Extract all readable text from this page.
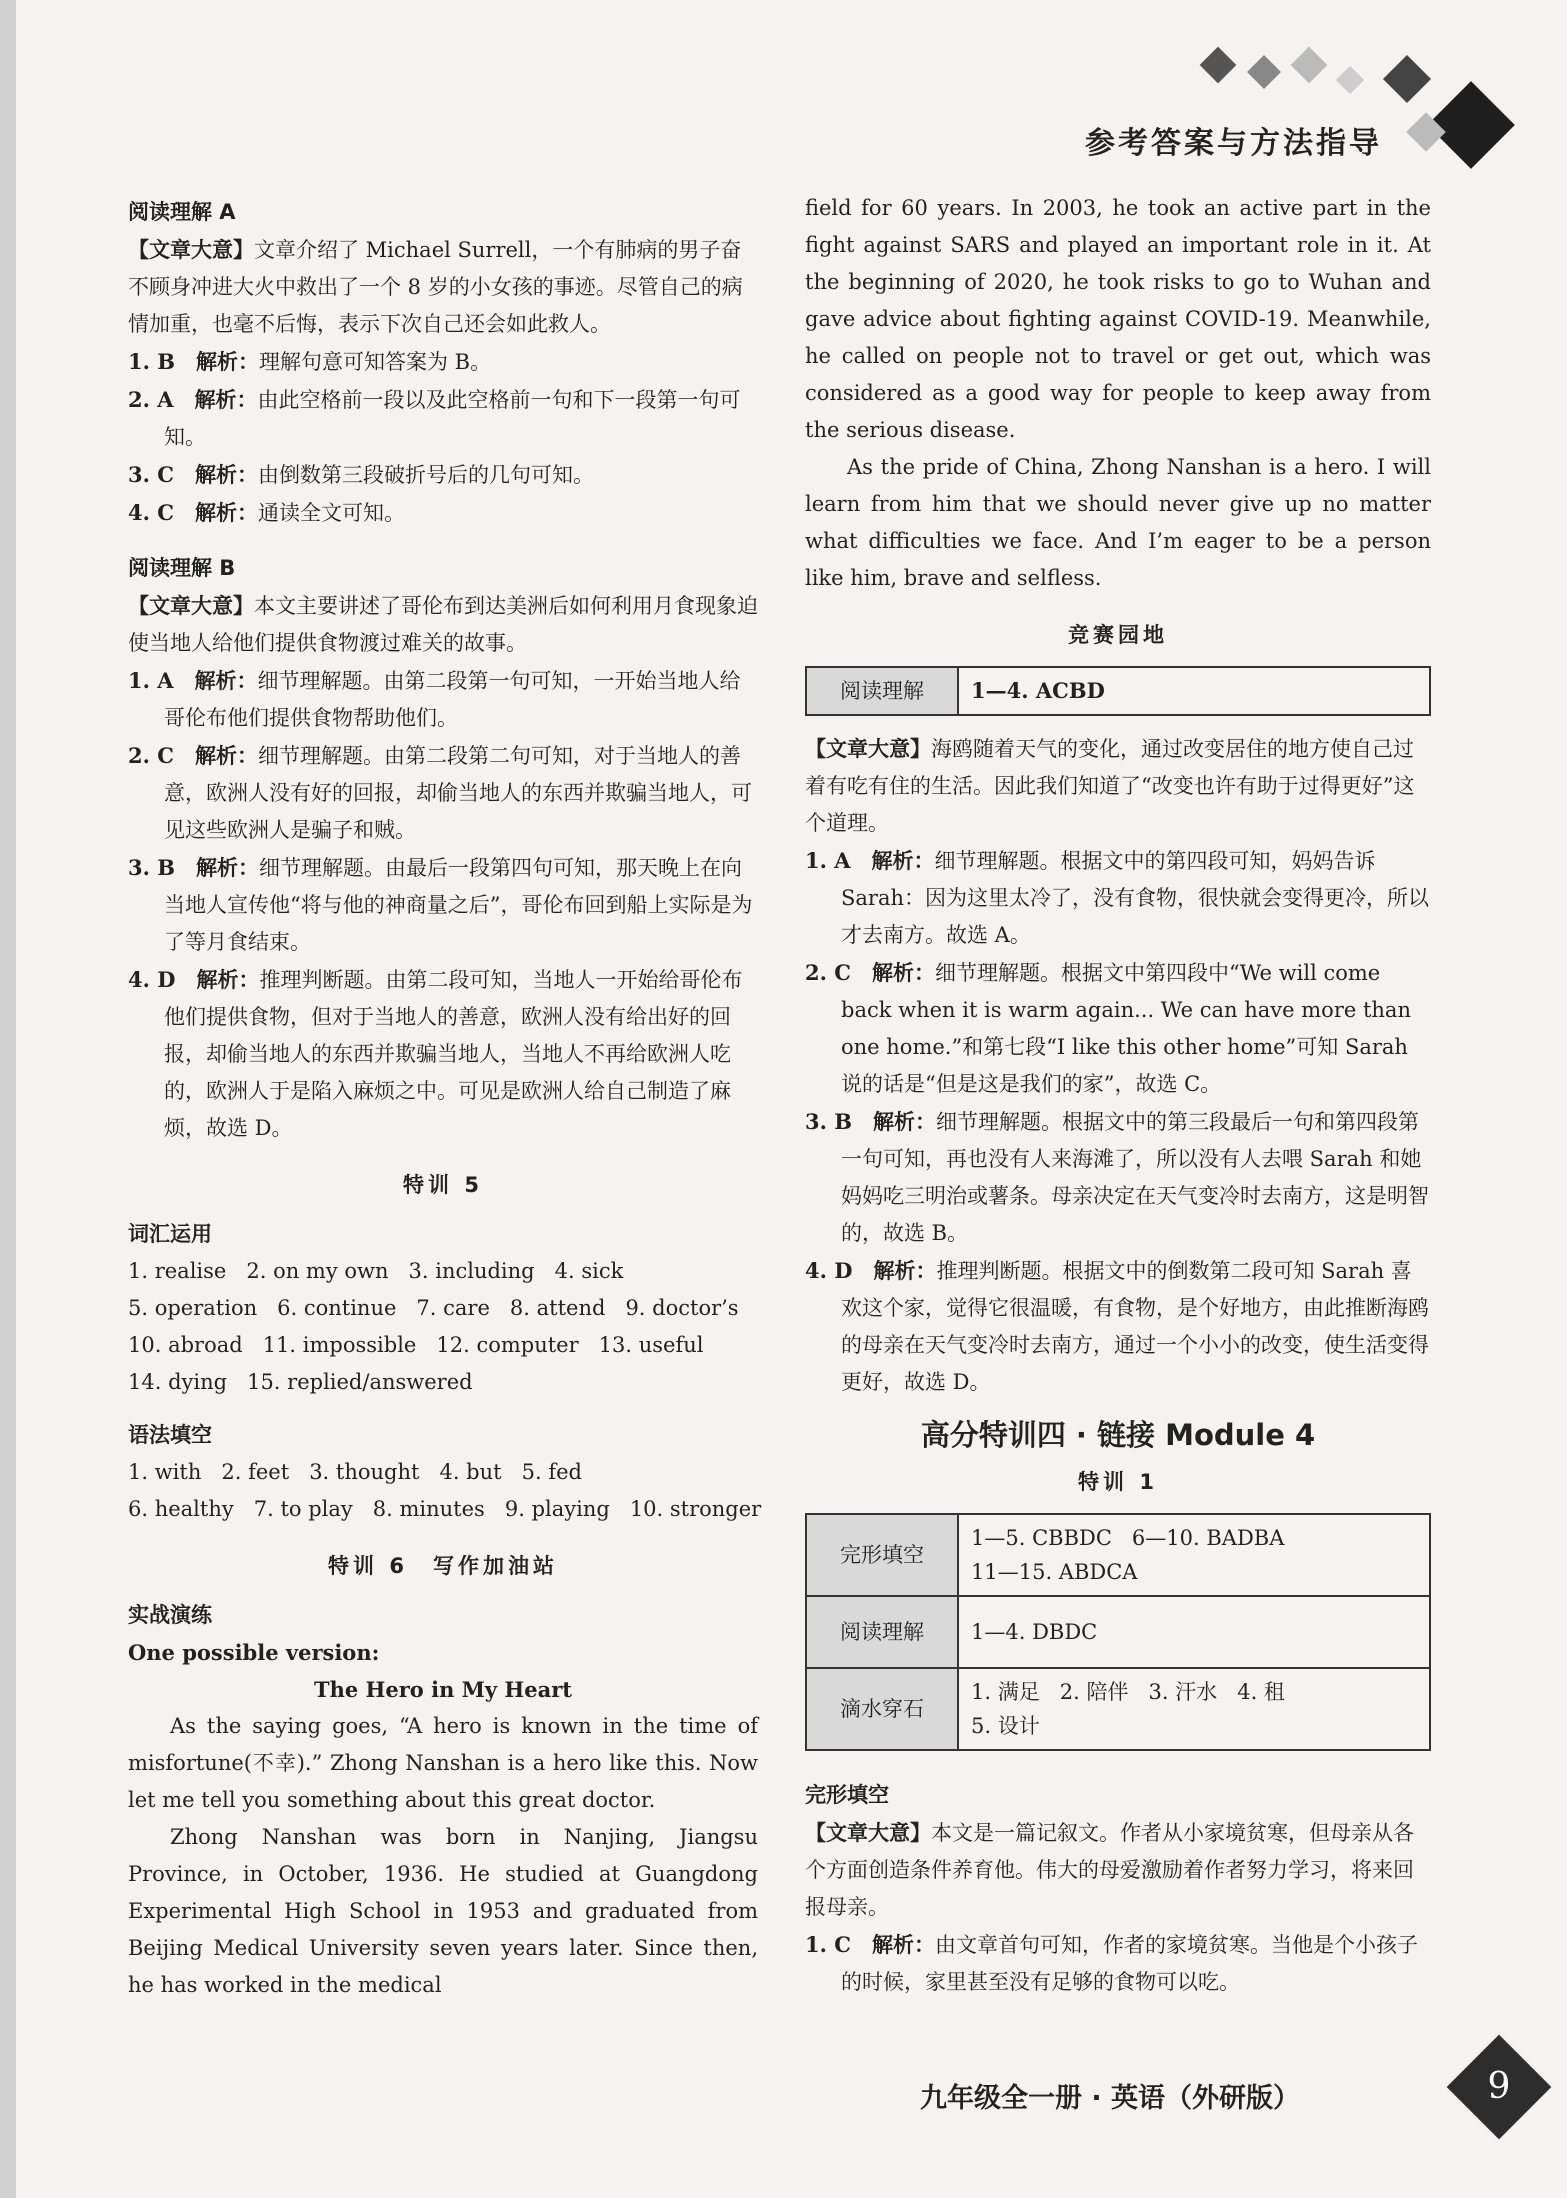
参考答案与方法指导
阅读理解 A

【文章大意】文章介绍了 Michael Surrell，一个有肺病的男子奋不顾身冲进大火中救出了一个 8 岁的小女孩的事迹。尽管自己的病情加重，也毫不后悔，表示下次自己还会如此救人。

1. B  解析：理解句意可知答案为 B。

2. A  解析：由此空格前一段以及此空格前一句和下一段第一句可知。

3. C  解析：由倒数第三段破折号后的几句可知。

4. C  解析：通读全文可知。

阅读理解 B

【文章大意】本文主要讲述了哥伦布到达美洲后如何利用月食现象迫使当地人给他们提供食物渡过难关的故事。

1. A  解析：细节理解题。由第二段第一句可知，一开始当地人给哥伦布他们提供食物帮助他们。

2. C  解析：细节理解题。由第二段第二句可知，对于当地人的善意，欧洲人没有好的回报，却偷当地人的东西并欺骗当地人，可见这些欧洲人是骗子和贼。

3. B  解析：细节理解题。由最后一段第四句可知，那天晚上在向当地人宣传他“将与他的神商量之后”，哥伦布回到船上实际是为了等月食结束。

4. D  解析：推理判断题。由第二段可知，当地人一开始给哥伦布他们提供食物，但对于当地人的善意，欧洲人没有给出好的回报，却偷当地人的东西并欺骗当地人，当地人不再给欧洲人吃的，欧洲人于是陷入麻烦之中。可见是欧洲人给自己制造了麻烦，故选 D。

特训 5
词汇运用
1. realise   2. on my own   3. including   4. sick
5. operation   6. continue   7. care   8. attend   9. doctor’s
10. abroad   11. impossible   12. computer   13. useful
14. dying   15. replied/answered
语法填空
1. with   2. feet   3. thought   4. but   5. fed
6. healthy   7. to play   8. minutes   9. playing   10. stronger
特训 6　写作加油站
实战演练
One possible version:
The Hero in My Heart

As the saying goes, “A hero is known in the time of misfortune(不幸).” Zhong Nanshan is a hero like this. Now let me tell you something about this great doctor.

Zhong Nanshan was born in Nanjing, Jiangsu Province, in October, 1936. He studied at Guangdong Experimental High School in 1953 and graduated from Beijing Medical University seven years later. Since then, he has worked in the medical

field for 60 years. In 2003, he took an active part in the fight against SARS and played an important role in it. At the beginning of 2020, he took risks to go to Wuhan and gave advice about fighting against COVID-19. Meanwhile, he called on people not to travel or get out, which was considered as a good way for people to keep away from the serious disease.

As the pride of China, Zhong Nanshan is a hero. I will learn from him that we should never give up no matter what difficulties we face. And I’m eager to be a person like him, brave and selfless.

竞赛园地
阅读理解	1—4. ACBD

【文章大意】海鸥随着天气的变化，通过改变居住的地方使自己过着有吃有住的生活。因此我们知道了“改变也许有助于过得更好”这个道理。

1. A  解析：细节理解题。根据文中的第四段可知，妈妈告诉 Sarah：因为这里太冷了，没有食物，很快就会变得更冷，所以才去南方。故选 A。

2. C  解析：细节理解题。根据文中第四段中“We will come back when it is warm again... We can have more than one home.”和第七段“I like this other home”可知 Sarah 说的话是“但是这是我们的家”，故选 C。

3. B  解析：细节理解题。根据文中的第三段最后一句和第四段第一句可知，再也没有人来海滩了，所以没有人去喂 Sarah 和她妈妈吃三明治或薯条。母亲决定在天气变冷时去南方，这是明智的，故选 B。

4. D  解析：推理判断题。根据文中的倒数第二段可知 Sarah 喜欢这个家，觉得它很温暖，有食物，是个好地方，由此推断海鸥的母亲在天气变冷时去南方，通过一个小小的改变，使生活变得更好，故选 D。

高分特训四 · 链接 Module 4
特训 1
完形填空	1—5. CBBDC   6—10. BADBA
11—15. ABDCA

阅读理解	1—4. DBDC

滴水穿石	1. 满足   2. 陪伴   3. 汗水   4. 租
5. 设计
完形填空

【文章大意】本文是一篇记叙文。作者从小家境贫寒，但母亲从各个方面创造条件养育他。伟大的母爱激励着作者努力学习，将来回报母亲。

1. C  解析：由文章首句可知，作者的家境贫寒。当他是个小孩子的时候，家里甚至没有足够的食物可以吃。

九年级全一册 · 英语（外研版）	9
